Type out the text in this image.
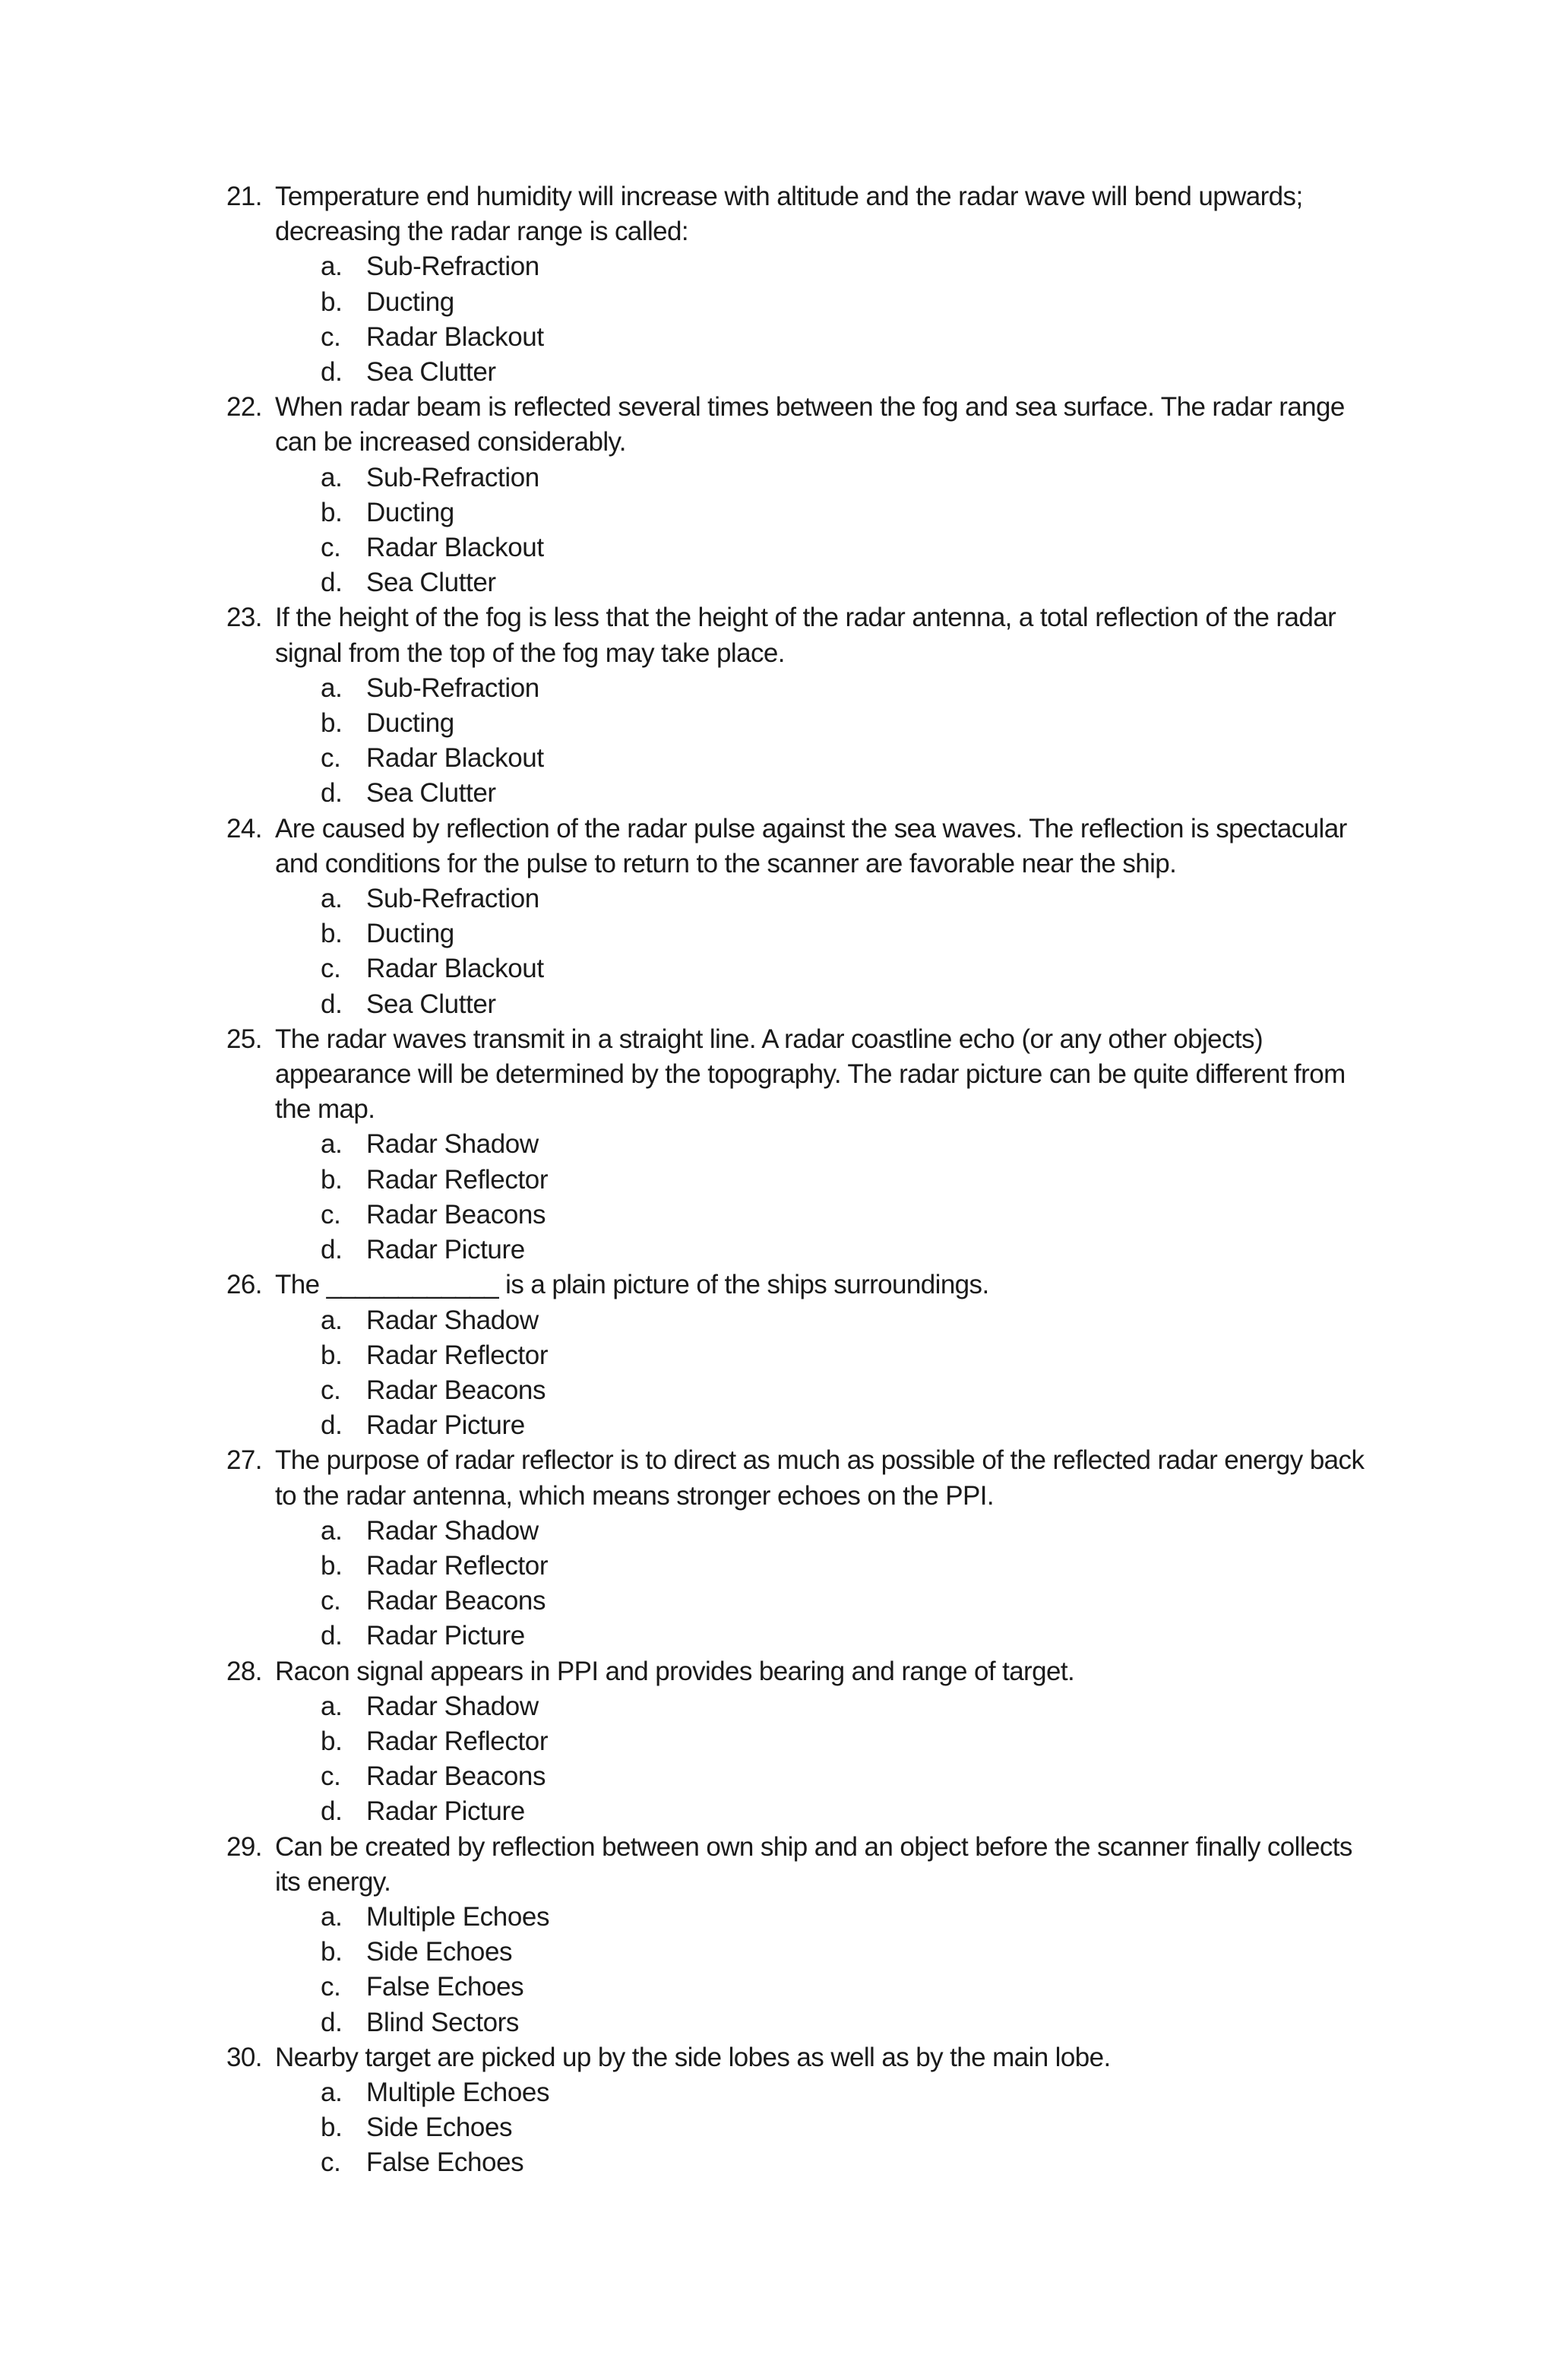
21. Temperature end humidity will increase with altitude and the radar wave will bend upwards; decreasing the radar range is called:

a. Sub-Refraction
b. Ducting
c. Radar Blackout
d. Sea Clutter
22. When radar beam is reflected several times between the fog and sea surface. The radar range can be increased considerably.

a. Sub-Refraction
b. Ducting
c. Radar Blackout
d. Sea Clutter
23. If the height of the fog is less that the height of the radar antenna, a total reflection of the radar signal from the top of the fog may take place.

a. Sub-Refraction
b. Ducting
c. Radar Blackout
d. Sea Clutter
24. Are caused by reflection of the radar pulse against the sea waves. The reflection is spectacular and conditions for the pulse to return to the scanner are favorable near the ship.

a. Sub-Refraction
b. Ducting
c. Radar Blackout
d. Sea Clutter
25. The radar waves transmit in a straight line. A radar coastline echo (or any other objects) appearance will be determined by the topography. The radar picture can be quite different from the map.

a. Radar Shadow
b. Radar Reflector
c. Radar Beacons
d. Radar Picture
26. The ____________ is a plain picture of the ships surroundings.

a. Radar Shadow
b. Radar Reflector
c. Radar Beacons
d. Radar Picture
27. The purpose of radar reflector is to direct as much as possible of the reflected radar energy back to the radar antenna, which means stronger echoes on the PPI.

a. Radar Shadow
b. Radar Reflector
c. Radar Beacons
d. Radar Picture
28. Racon signal appears in PPI and provides bearing and range of target.

a. Radar Shadow
b. Radar Reflector
c. Radar Beacons
d. Radar Picture
29. Can be created by reflection between own ship and an object before the scanner finally collects its energy.

a. Multiple Echoes
b. Side Echoes
c. False Echoes
d. Blind Sectors
30. Nearby target are picked up by the side lobes as well as by the main lobe.

a. Multiple Echoes
b. Side Echoes
c. False Echoes
